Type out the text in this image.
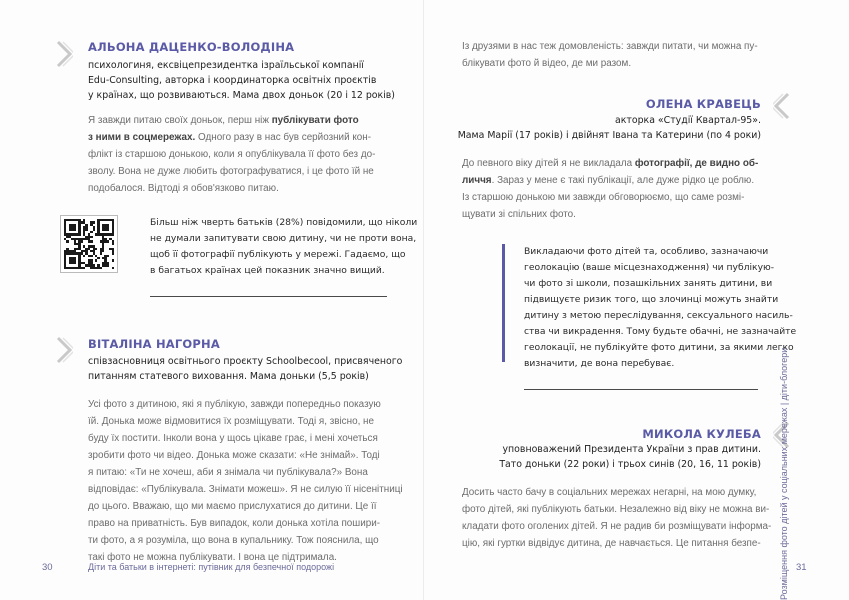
АЛЬОНА ДАЦЕНКО-ВОЛОДІНА
психологиня, ексвіцепрезидентка ізраїльської компанії
Edu-Consulting, авторка і координаторка освітніх проєктів
у країнах, що розвиваються. Мама двох доньок (20 і 12 років)
Я завжди питаю своїх доньок, перш ніж публікувати фото
з ними в соцмережах. Одного разу в нас був серйозний кон-
флікт із старшою донькою, коли я опублікувала її фото без до-
зволу. Вона не дуже любить фотографуватися, і це фото їй не
подобалося. Відтоді я обов'язково питаю.
Більш ніж чверть батьків (28%) повідомили, що ніколи
не думали запитувати свою дитину, чи не проти вона,
щоб її фотографії публікують у мережі. Гадаємо, що
в багатьох країнах цей показник значно вищий.
ВІТАЛІНА НАГОРНА
співзасновниця освітнього проєкту Schoolbecool, присвяченого
питанням статевого виховання. Мама доньки (5,5 років)
Усі фото з дитиною, які я публікую, завжди попередньо показую
їй. Донька може відмовитися їх розміщувати. Тоді я, звісно, не
буду їх постити. Інколи вона у щось цікаве грає, і мені хочеться
зробити фото чи відео. Донька може сказати: «Не знімай». Тоді
я питаю: «Ти не хочеш, аби я знімала чи публікувала?» Вона
відповідає: «Публікувала. Знімати можеш». Я не силую її нісенітниці
до цього. Вважаю, що ми маємо прислухатися до дитини. Це її
право на приватність. Був випадок, коли донька хотіла пошири-
ти фото, а я розуміла, що вона в купальнику. Тож пояснила, що
такі фото не можна публікувати. І вона це підтримала.
30	Діти та батьки в інтернеті: путівник для безпечної подорожі
Із друзями в нас теж домовленість: завжди питати, чи можна пу-
блікувати фото й відео, де ми разом.
ОЛЕНА КРАВЕЦЬ
акторка «Студії Квартал-95».
Мама Марії (17 років) і двійнят Івана та Катерини (по 4 роки)
До певного віку дітей я не викладала фотографії, де видно об-
личчя. Зараз у мене є такі публікації, але дуже рідко це роблю.
Із старшою донькою ми завжди обговорюємо, що саме розмі-
щувати зі спільних фото.
Викладаючи фото дітей та, особливо, зазначаючи
геолокацію (ваше місцезнаходження) чи публікую-
чи фото зі школи, позашкільних занять дитини, ви
підвищуєте ризик того, що злочинці можуть знайти
дитину з метою переслідування, сексуального насиль-
ства чи викрадення. Тому будьте обачні, не зазначайте
геолокації, не публікуйте фото дитини, за якими легко
визначити, де вона перебуває.
МИКОЛА КУЛЕБА
уповноважений Президента України з прав дитини.
Тато доньки (22 роки) і трьох синів (20, 16, 11 років)
Досить часто бачу в соціальних мережах негарні, на мою думку,
фото дітей, які публікують батьки. Незалежно від віку не можна ви-
кладати фото оголених дітей. Я не радив би розміщувати інформа-
цію, які гуртки відвідує дитина, де навчається. Це питання безпе-
31
Розміщення фото дітей у соціальних мережах | діти-блогери
